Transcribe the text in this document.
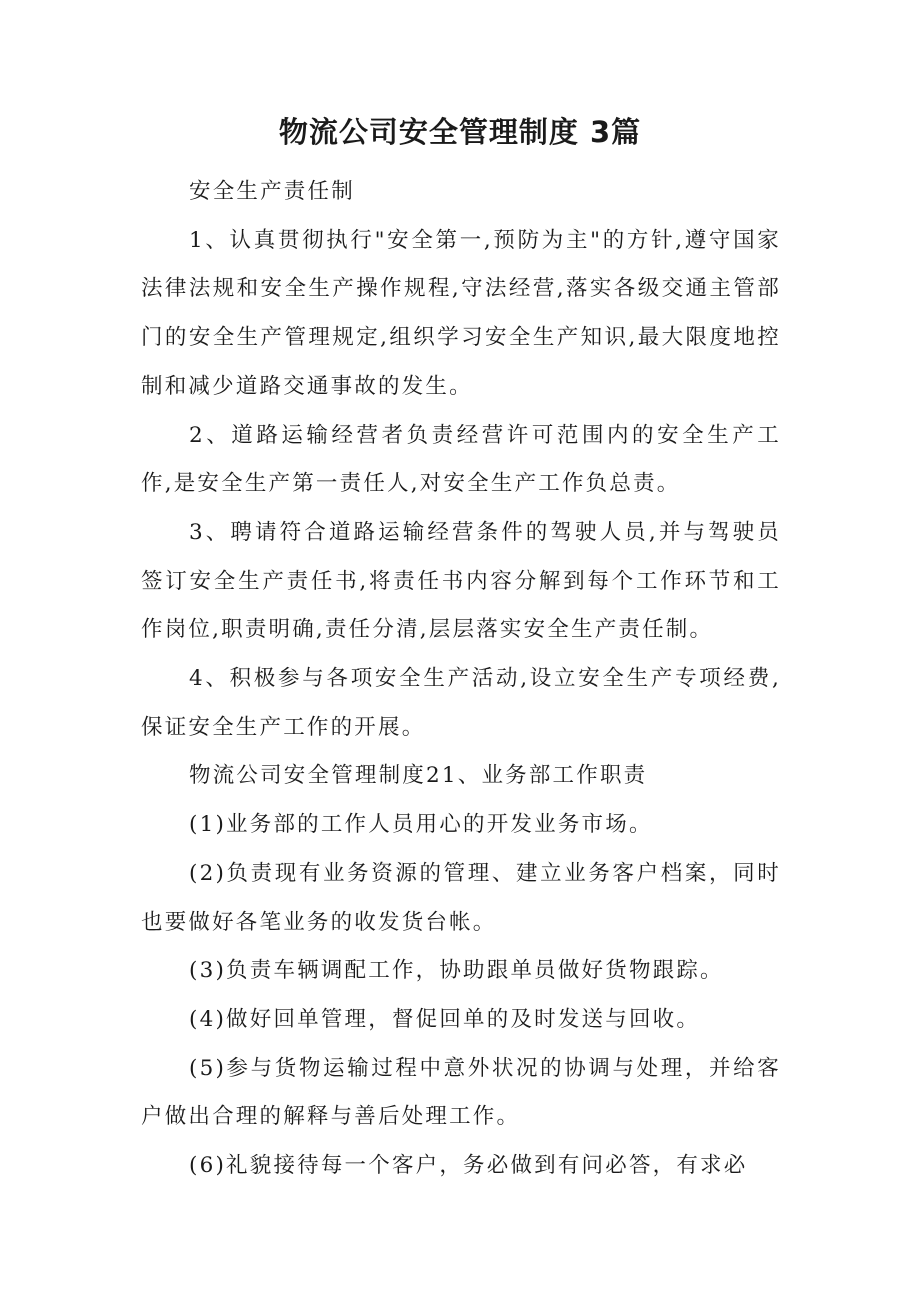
物流公司安全管理制度 3篇

安全生产责任制

1、认真贯彻执行"安全第一,预防为主"的方针,遵守国家法律法规和安全生产操作规程,守法经营,落实各级交通主管部门的安全生产管理规定,组织学习安全生产知识,最大限度地控制和减少道路交通事故的发生。

2、道路运输经营者负责经营许可范围内的安全生产工作,是安全生产第一责任人,对安全生产工作负总责。

3、聘请符合道路运输经营条件的驾驶人员,并与驾驶员签订安全生产责任书,将责任书内容分解到每个工作环节和工作岗位,职责明确,责任分清,层层落实安全生产责任制。

4、积极参与各项安全生产活动,设立安全生产专项经费,保证安全生产工作的开展。

物流公司安全管理制度21、业务部工作职责

(1)业务部的工作人员用心的开发业务市场。

(2)负责现有业务资源的管理、建立业务客户档案，同时也要做好各笔业务的收发货台帐。

(3)负责车辆调配工作，协助跟单员做好货物跟踪。

(4)做好回单管理，督促回单的及时发送与回收。

(5)参与货物运输过程中意外状况的协调与处理，并给客户做出合理的解释与善后处理工作。

(6)礼貌接待每一个客户，务必做到有问必答，有求必
